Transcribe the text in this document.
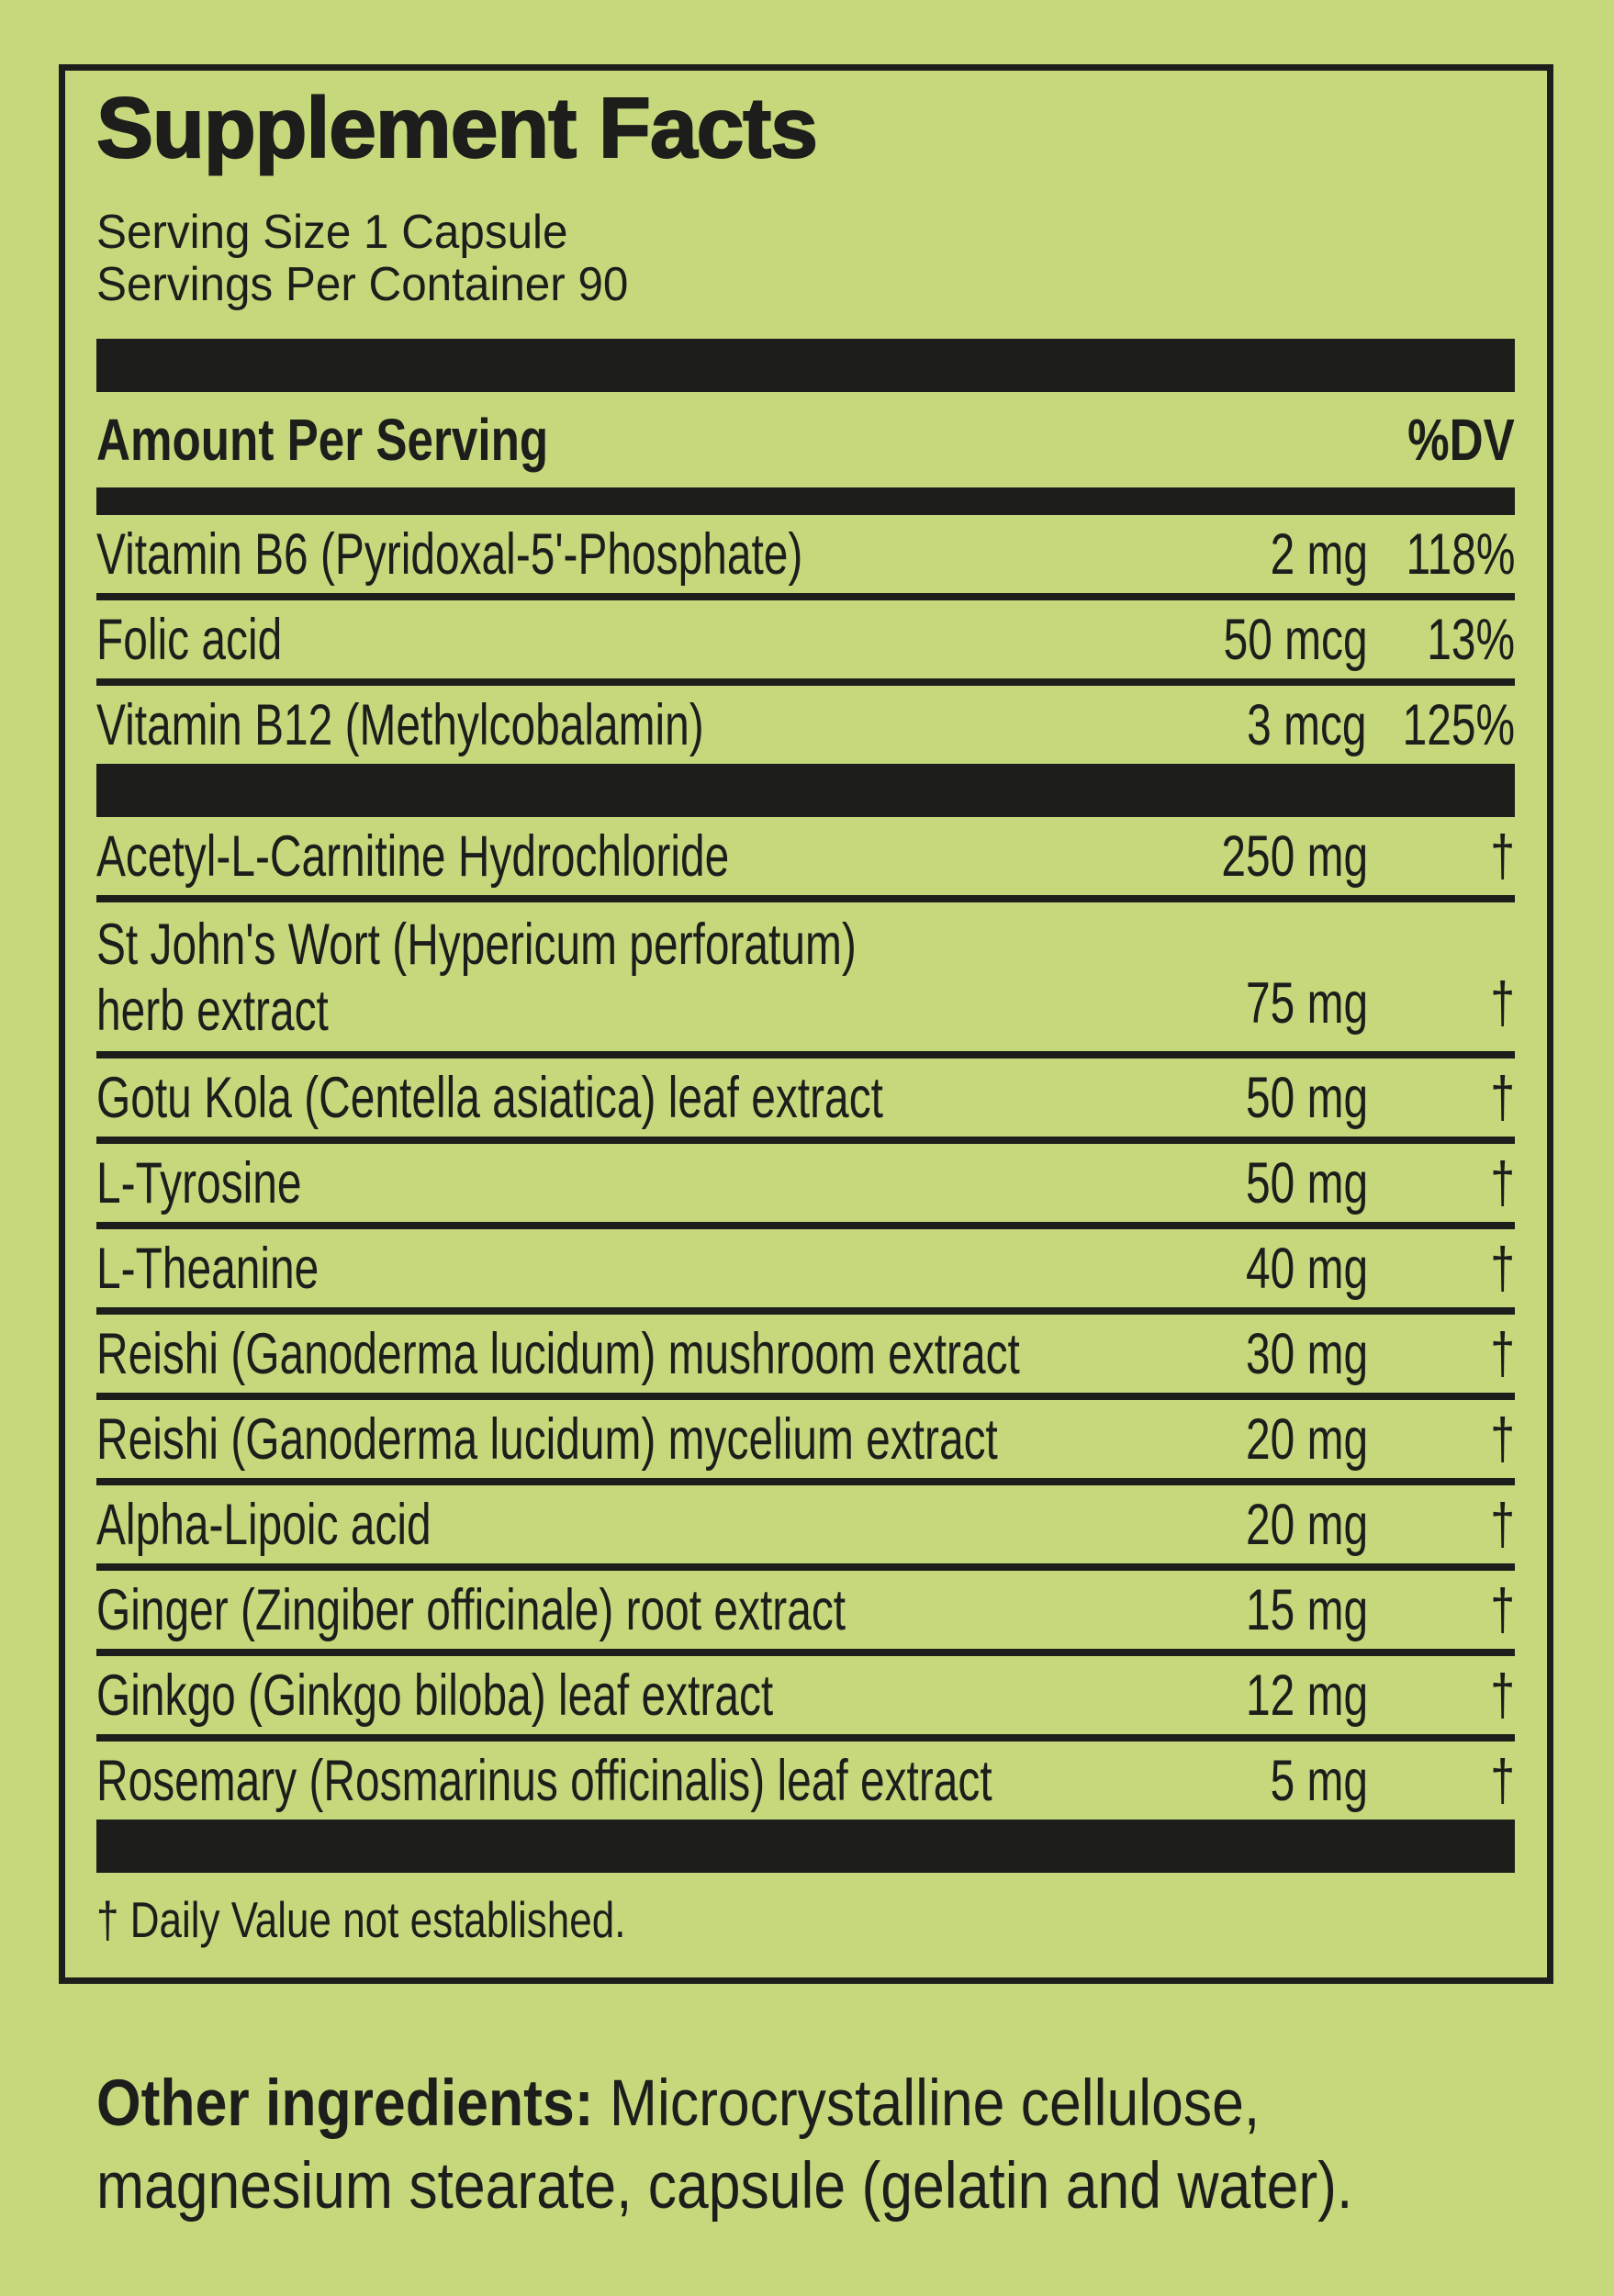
Supplement Facts
Serving Size 1 Capsule
Servings Per Container 90
Amount Per Serving	%DV
Vitamin B6 (Pyridoxal-5'-Phosphate)	2 mg 118%
Folic acid	50 mcg	13%
Vitamin B12 (Methylcobalamin)	3 mcg 125%
Acetyl-L-Carnitine Hydrochloride	250 mg	†
St John's Wort (Hypericum perforatum)
herb extract	75 mg	†
Gotu Kola (Centella asiatica) leaf extract	50 mg	†
L-Tyrosine	50 mg	†
L-Theanine	40 mg	†
Reishi (Ganoderma lucidum) mushroom extract	30 mg	†
Reishi (Ganoderma lucidum) mycelium extract	20 mg	†
Alpha-Lipoic acid	20 mg	†
Ginger (Zingiber officinale) root extract	15 mg	†
Ginkgo (Ginkgo biloba) leaf extract	12 mg	†
Rosemary (Rosmarinus officinalis) leaf extract	5 mg	†
† Daily Value not established.
Other ingredients: Microcrystalline cellulose,
magnesium stearate, capsule (gelatin and water).
